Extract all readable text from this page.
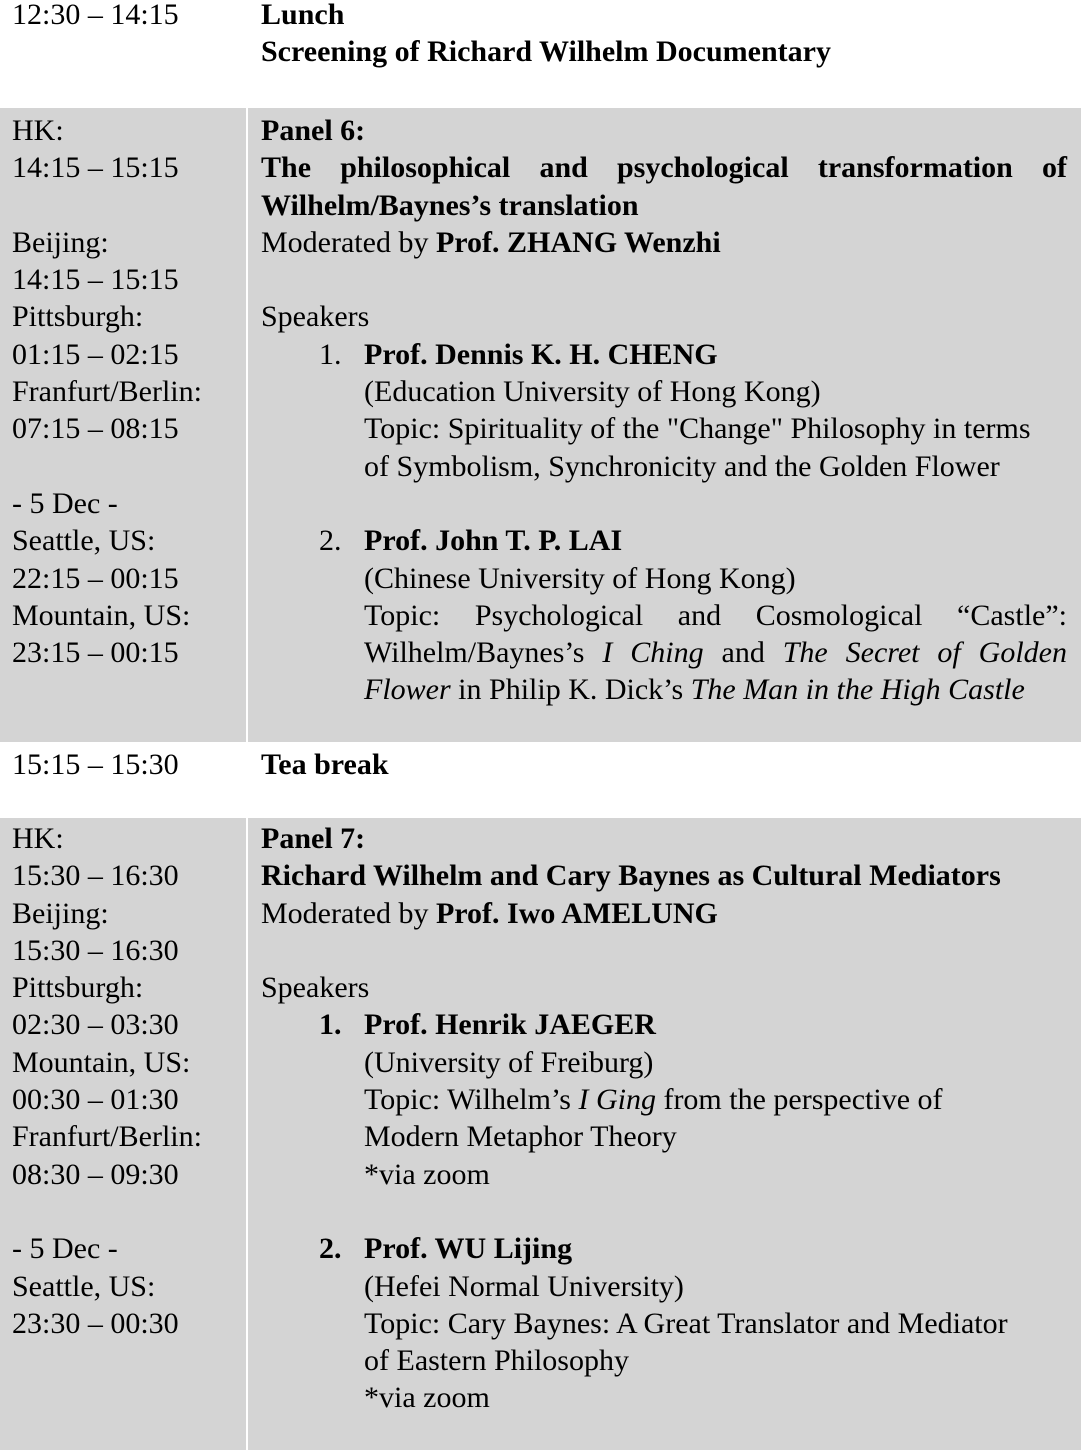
12:30 – 14:15	Lunch
Screening of Richard Wilhelm Documentary
HK:
14:15 – 15:15
Beijing:
14:15 – 15:15
Pittsburgh:
01:15 – 02:15
Franfurt/Berlin:
07:15 – 08:15
- 5 Dec -
Seattle, US:
22:15 – 00:15
Mountain, US:
23:15 – 00:15
Panel 6:
The philosophical and psychological transformation of
Wilhelm/Baynes’s translation
Moderated by Prof. ZHANG Wenzhi
Speakers
1. Prof. Dennis K. H. CHENG
(Education University of Hong Kong)
Topic: Spirituality of the "Change" Philosophy in terms
of Symbolism, Synchronicity and the Golden Flower
2. Prof. John T. P. LAI
(Chinese University of Hong Kong)
Topic: Psychological and Cosmological “Castle”:
Wilhelm/Baynes’s I Ching and The Secret of Golden
Flower in Philip K. Dick’s The Man in the High Castle
15:15 – 15:30	Tea break
HK:
15:30 – 16:30
Beijing:
15:30 – 16:30
Pittsburgh:
02:30 – 03:30
Mountain, US:
00:30 – 01:30
Franfurt/Berlin:
08:30 – 09:30
- 5 Dec -
Seattle, US:
23:30 – 00:30
Panel 7:
Richard Wilhelm and Cary Baynes as Cultural Mediators
Moderated by Prof. Iwo AMELUNG
Speakers
1. Prof. Henrik JAEGER
(University of Freiburg)
Topic: Wilhelm’s I Ging from the perspective of
Modern Metaphor Theory
*via zoom
2. Prof. WU Lijing
(Hefei Normal University)
Topic: Cary Baynes: A Great Translator and Mediator
of Eastern Philosophy
*via zoom
